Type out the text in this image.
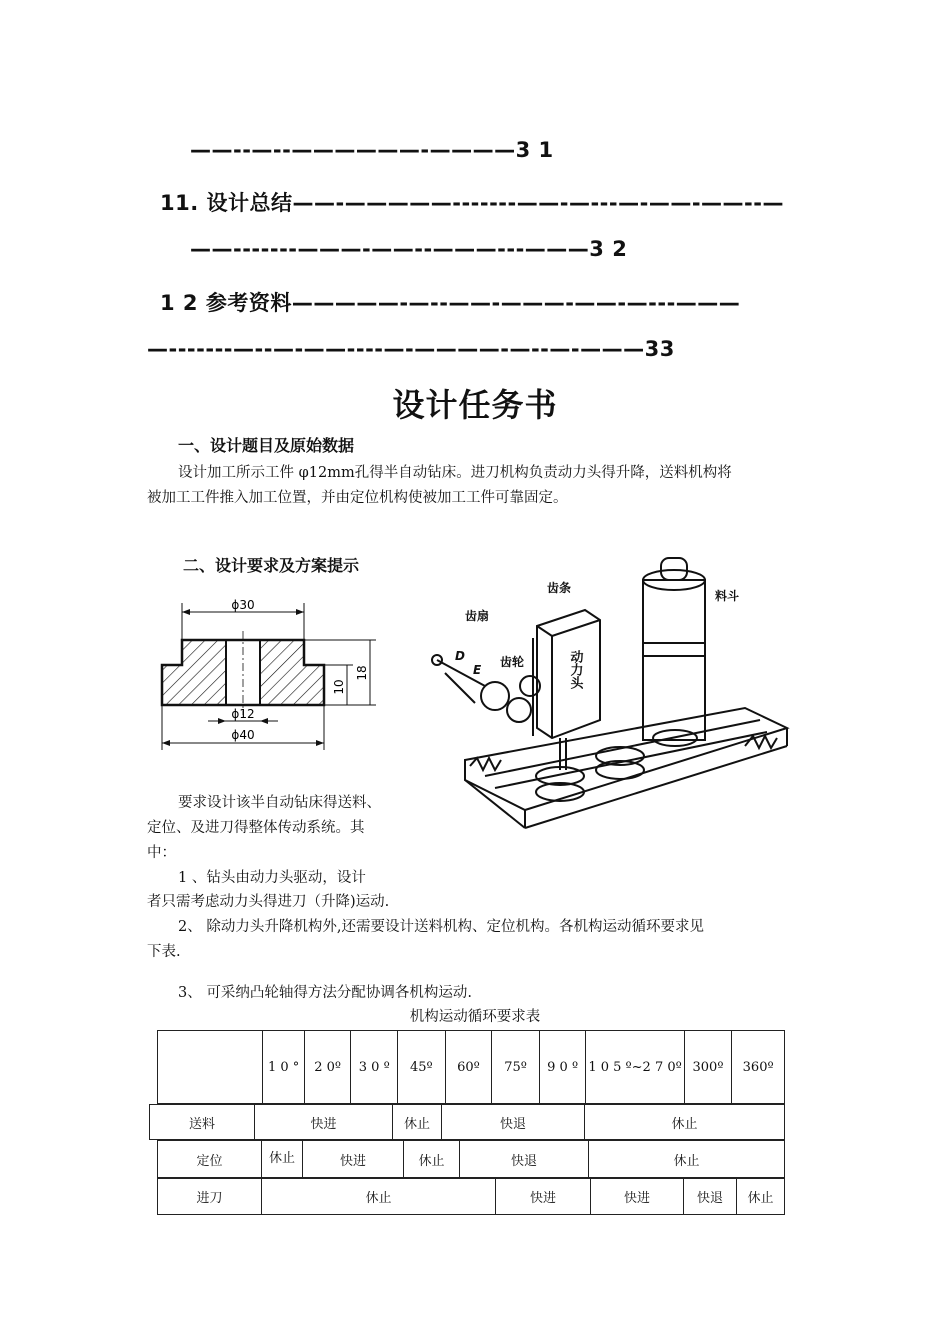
——--—--——————-————3 1
11. 设计总结——-—————-------——-—---—-——-——--—
——-------———-——--———---———3 2
1 2 参考资料—————-—--——-———-——-—---———
—-------—--—-——----—-————-—--—-———33
设计任务书
一、设计题目及原始数据
设计加工所示工件 φ12mm孔得半自动钻床。进刀机构负责动力头得升降，送料机构将
被加工工件推入加工位置，并由定位机构使被加工工件可靠固定。
二、设计要求及方案提示
ϕ30
ϕ12
ϕ40
10
18
齿条
齿扇
齿轮
料斗
D
E	动力头
要求设计该半自动钻床得送料、
定位、及进刀得整体传动系统。其
中：
1 、钻头由动力头驱动，设计
者只需考虑动力头得进刀（升降)运动.
2、 除动力头升降机构外,还需要设计送料机构、定位机构。各机构运动循环要求见
下表.
3、 可采纳凸轮轴得方法分配协调各机构运动.
机构运动循环要求表
	1 0 °	2 0º	3 0 º	45º	60º	75º	9 0 º	1 0 5 º~2 7 0º	300º	360º
送料	快进	休止	快退	休止
定位	休止	快进	休止	快退	休止
进刀	休止	快进	快进	快退	休止
